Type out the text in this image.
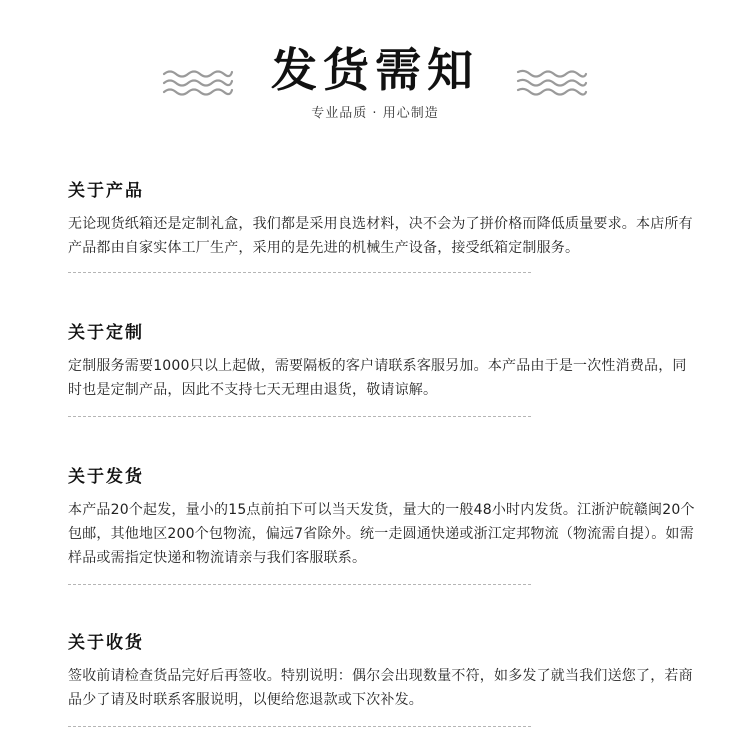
发货需知
专业品质 · 用心制造
关于产品

无论现货纸箱还是定制礼盒，我们都是采用良选材料，决不会为了拼价格而降低质量要求。本店所有产品都由自家实体工厂生产，采用的是先进的机械生产设备，接受纸箱定制服务。

关于定制

定制服务需要1000只以上起做，需要隔板的客户请联系客服另加。本产品由于是一次性消费品，同时也是定制产品，因此不支持七天无理由退货，敬请谅解。

关于发货

本产品20个起发，量小的15点前拍下可以当天发货，量大的一般48小时内发货。江浙沪皖赣闽20个包邮，其他地区200个包物流，偏远7省除外。统一走圆通快递或浙江定邦物流（物流需自提）。如需样品或需指定快递和物流请亲与我们客服联系。

关于收货

签收前请检查货品完好后再签收。特别说明：偶尔会出现数量不符，如多发了就当我们送您了，若商品少了请及时联系客服说明，以便给您退款或下次补发。
